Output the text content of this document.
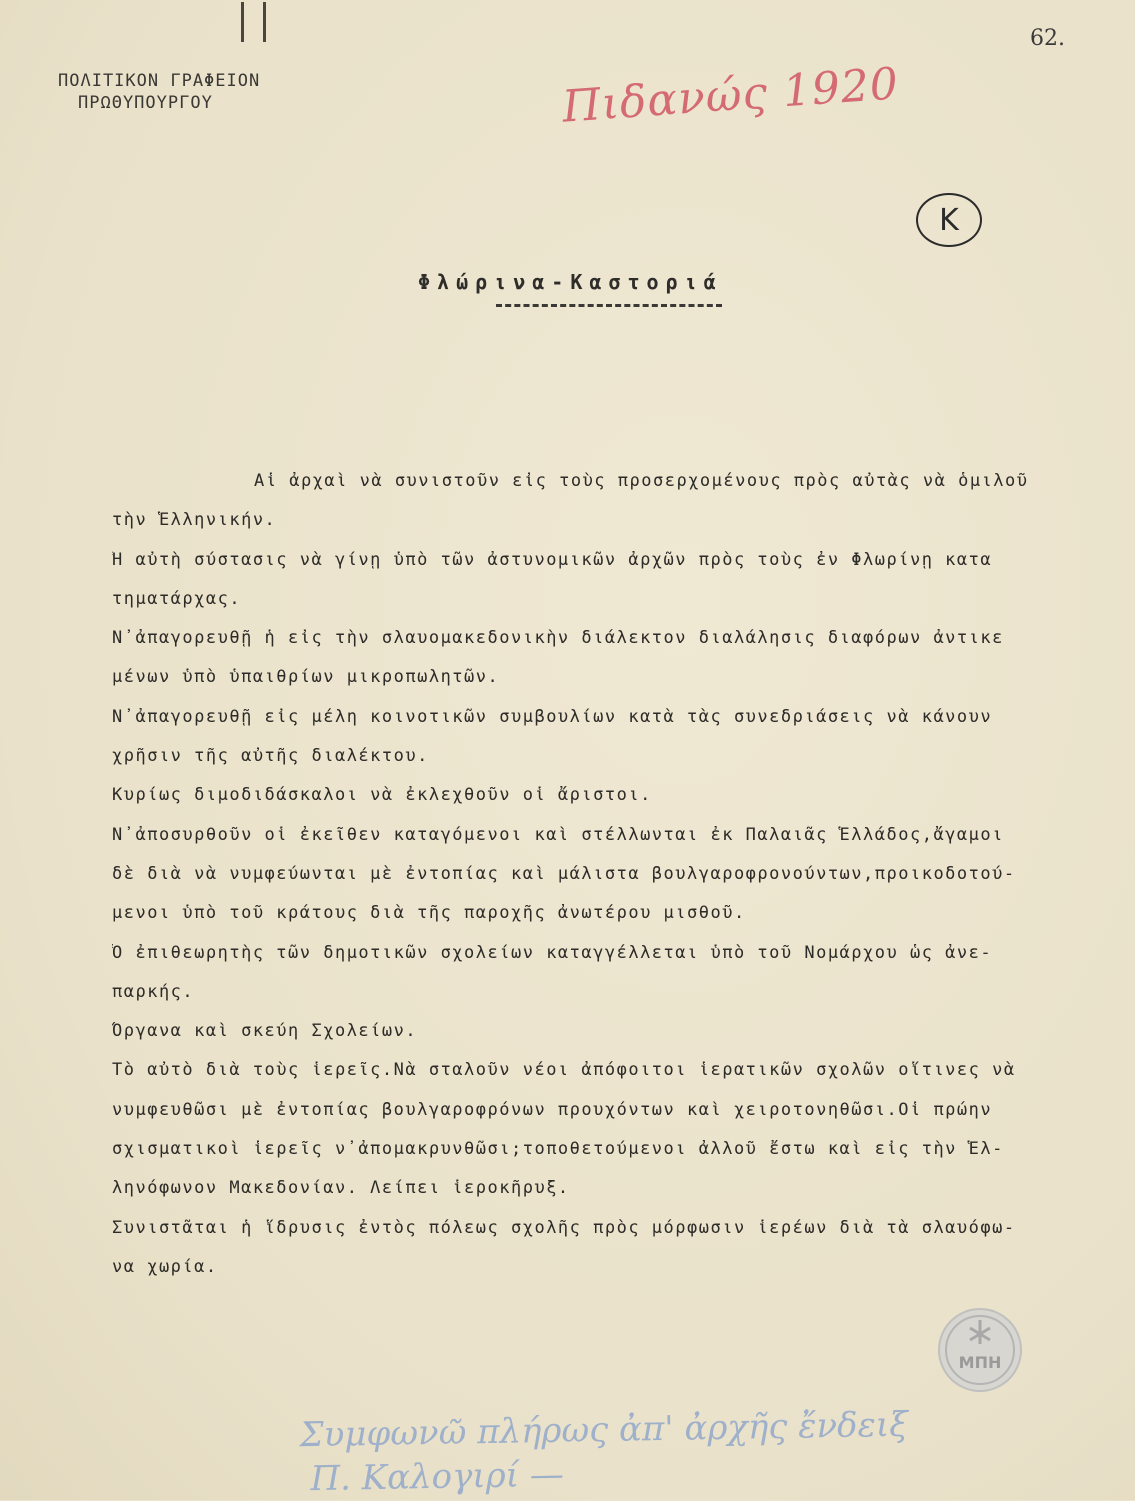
62.
ΠΟΛΙΤΙΚΟΝ ΓΡΑΦΕΙΟΝ
ΠΡΩΘΥΠΟΥΡΓΟΥ	Πιδανώς 1920
K
Φλώρινα-Καστοριά
Αἱ ἀρχαὶ νὰ συνιστοῦν εἰς τοὺς προσερχομένους πρὸς αὐτὰς νὰ ὁμιλοῦ
τὴν Ἑλληνικήν.
Ἡ αὐτὴ σύστασις νὰ γίνῃ ὑπὸ τῶν ἀστυνομικῶν ἀρχῶν πρὸς τοὺς ἐν Φλωρίνῃ κατα
τηματάρχας.
Ν᾽ἀπαγορευθῇ ἡ εἰς τὴν σλαυομακεδονικὴν διάλεκτον διαλάλησις διαφόρων ἀντικε
μένων ὑπὸ ὑπαιθρίων μικροπωλητῶν.
Ν᾽ἀπαγορευθῇ εἰς μέλη κοινοτικῶν συμβουλίων κατὰ τὰς συνεδριάσεις νὰ κάνουν
χρῆσιν τῆς αὐτῆς διαλέκτου.
Κυρίως διμοδιδάσκαλοι νὰ ἐκλεχθοῦν οἱ ἄριστοι.
Ν᾽ἀποσυρθοῦν οἱ ἐκεῖθεν καταγόμενοι καὶ στέλλωνται ἐκ Παλαιᾶς Ἑλλάδος,ἄγαμοι
δὲ διὰ νὰ νυμφεύωνται μὲ ἐντοπίας καὶ μάλιστα βουλγαροφρονούντων,προικοδοτού-
μενοι ὑπὸ τοῦ κράτους διὰ τῆς παροχῆς ἀνωτέρου μισθοῦ.
Ὁ ἐπιθεωρητὴς τῶν δημοτικῶν σχολείων καταγγέλλεται ὑπὸ τοῦ Νομάρχου ὡς ἀνε-
παρκής.
Ὄργανα καὶ σκεύη Σχολείων.
Τὸ αὐτὸ διὰ τοὺς ἱερεῖς.Νὰ σταλοῦν νέοι ἀπόφοιτοι ἱερατικῶν σχολῶν οἵτινες νὰ
νυμφευθῶσι μὲ ἐντοπίας βουλγαροφρόνων προυχόντων καὶ χειροτονηθῶσι.Οἱ πρώην
σχισματικοὶ ἱερεῖς ν᾽ἀπομακρυνθῶσι;τοποθετούμενοι ἀλλοῦ ἔστω καὶ εἰς τὴν Ἑλ-
ληνόφωνον Μακεδονίαν. Λείπει ἱεροκῆρυξ.
Συνιστᾶται ἡ ἵδρυσις ἐντὸς πόλεως σχολῆς πρὸς μόρφωσιν ἱερέων διὰ τὰ σλαυόφω-
να χωρία.
ΜΠΗ
Συμφωνῶ πλήρως ἀπ' ἀρχῆς ἔνδειξ
Π. Καλογιρί —
